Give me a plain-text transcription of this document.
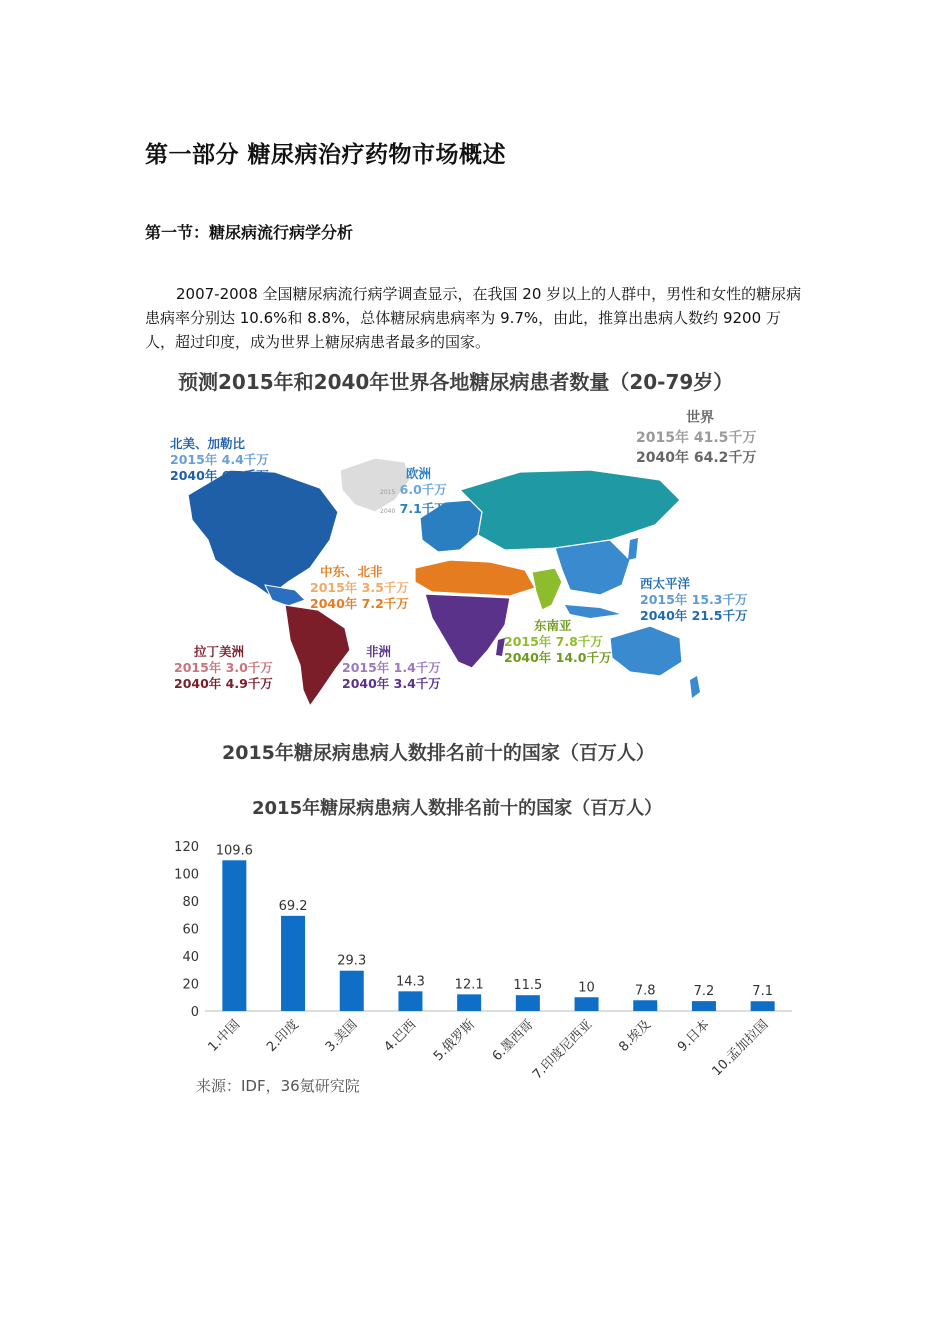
第一部分 糖尿病治疗药物市场概述
第一节：糖尿病流行病学分析
2007-2008 全国糖尿病流行病学调查显示，在我国 20 岁以上的人群中，男性和女性的糖尿病患病率分别达 10.6%和 8.8%，总体糖尿病患病率为 9.7%，由此，推算出患病人数约 9200 万人，超过印度，成为世界上糖尿病患者最多的国家。
预测2015年和2040年世界各地糖尿病患者数量（20-79岁）
北美、加勒比
2015年 4.4千万
2040年 6.1千万	欧洲
2015 6.0千万
2040 7.1千万
世界
2015年 41.5千万
2040年 64.2千万
中东、北非
2015年 3.5千万
2040年 7.2千万
西太平洋
2015年 15.3千万
2040年 21.5千万
东南亚
2015年 7.8千万
2040年 14.0千万
拉丁美洲
2015年 3.0千万
2040年 4.9千万
非洲
2015年 1.4千万
2040年 3.4千万
2015年糖尿病患病人数排名前十的国家（百万人）
2015年糖尿病患病人数排名前十的国家（百万人）
0
20
40
60
80
100
120 109.6
1.中国
69.2
2.印度
29.3
3.美国
14.3
4.巴西
12.1
5.俄罗斯
11.5
6.墨西哥
10
7.印度尼西亚
7.8
8.埃及
7.2
9.日本
7.1
10.孟加拉国
来源：IDF，36氪研究院
